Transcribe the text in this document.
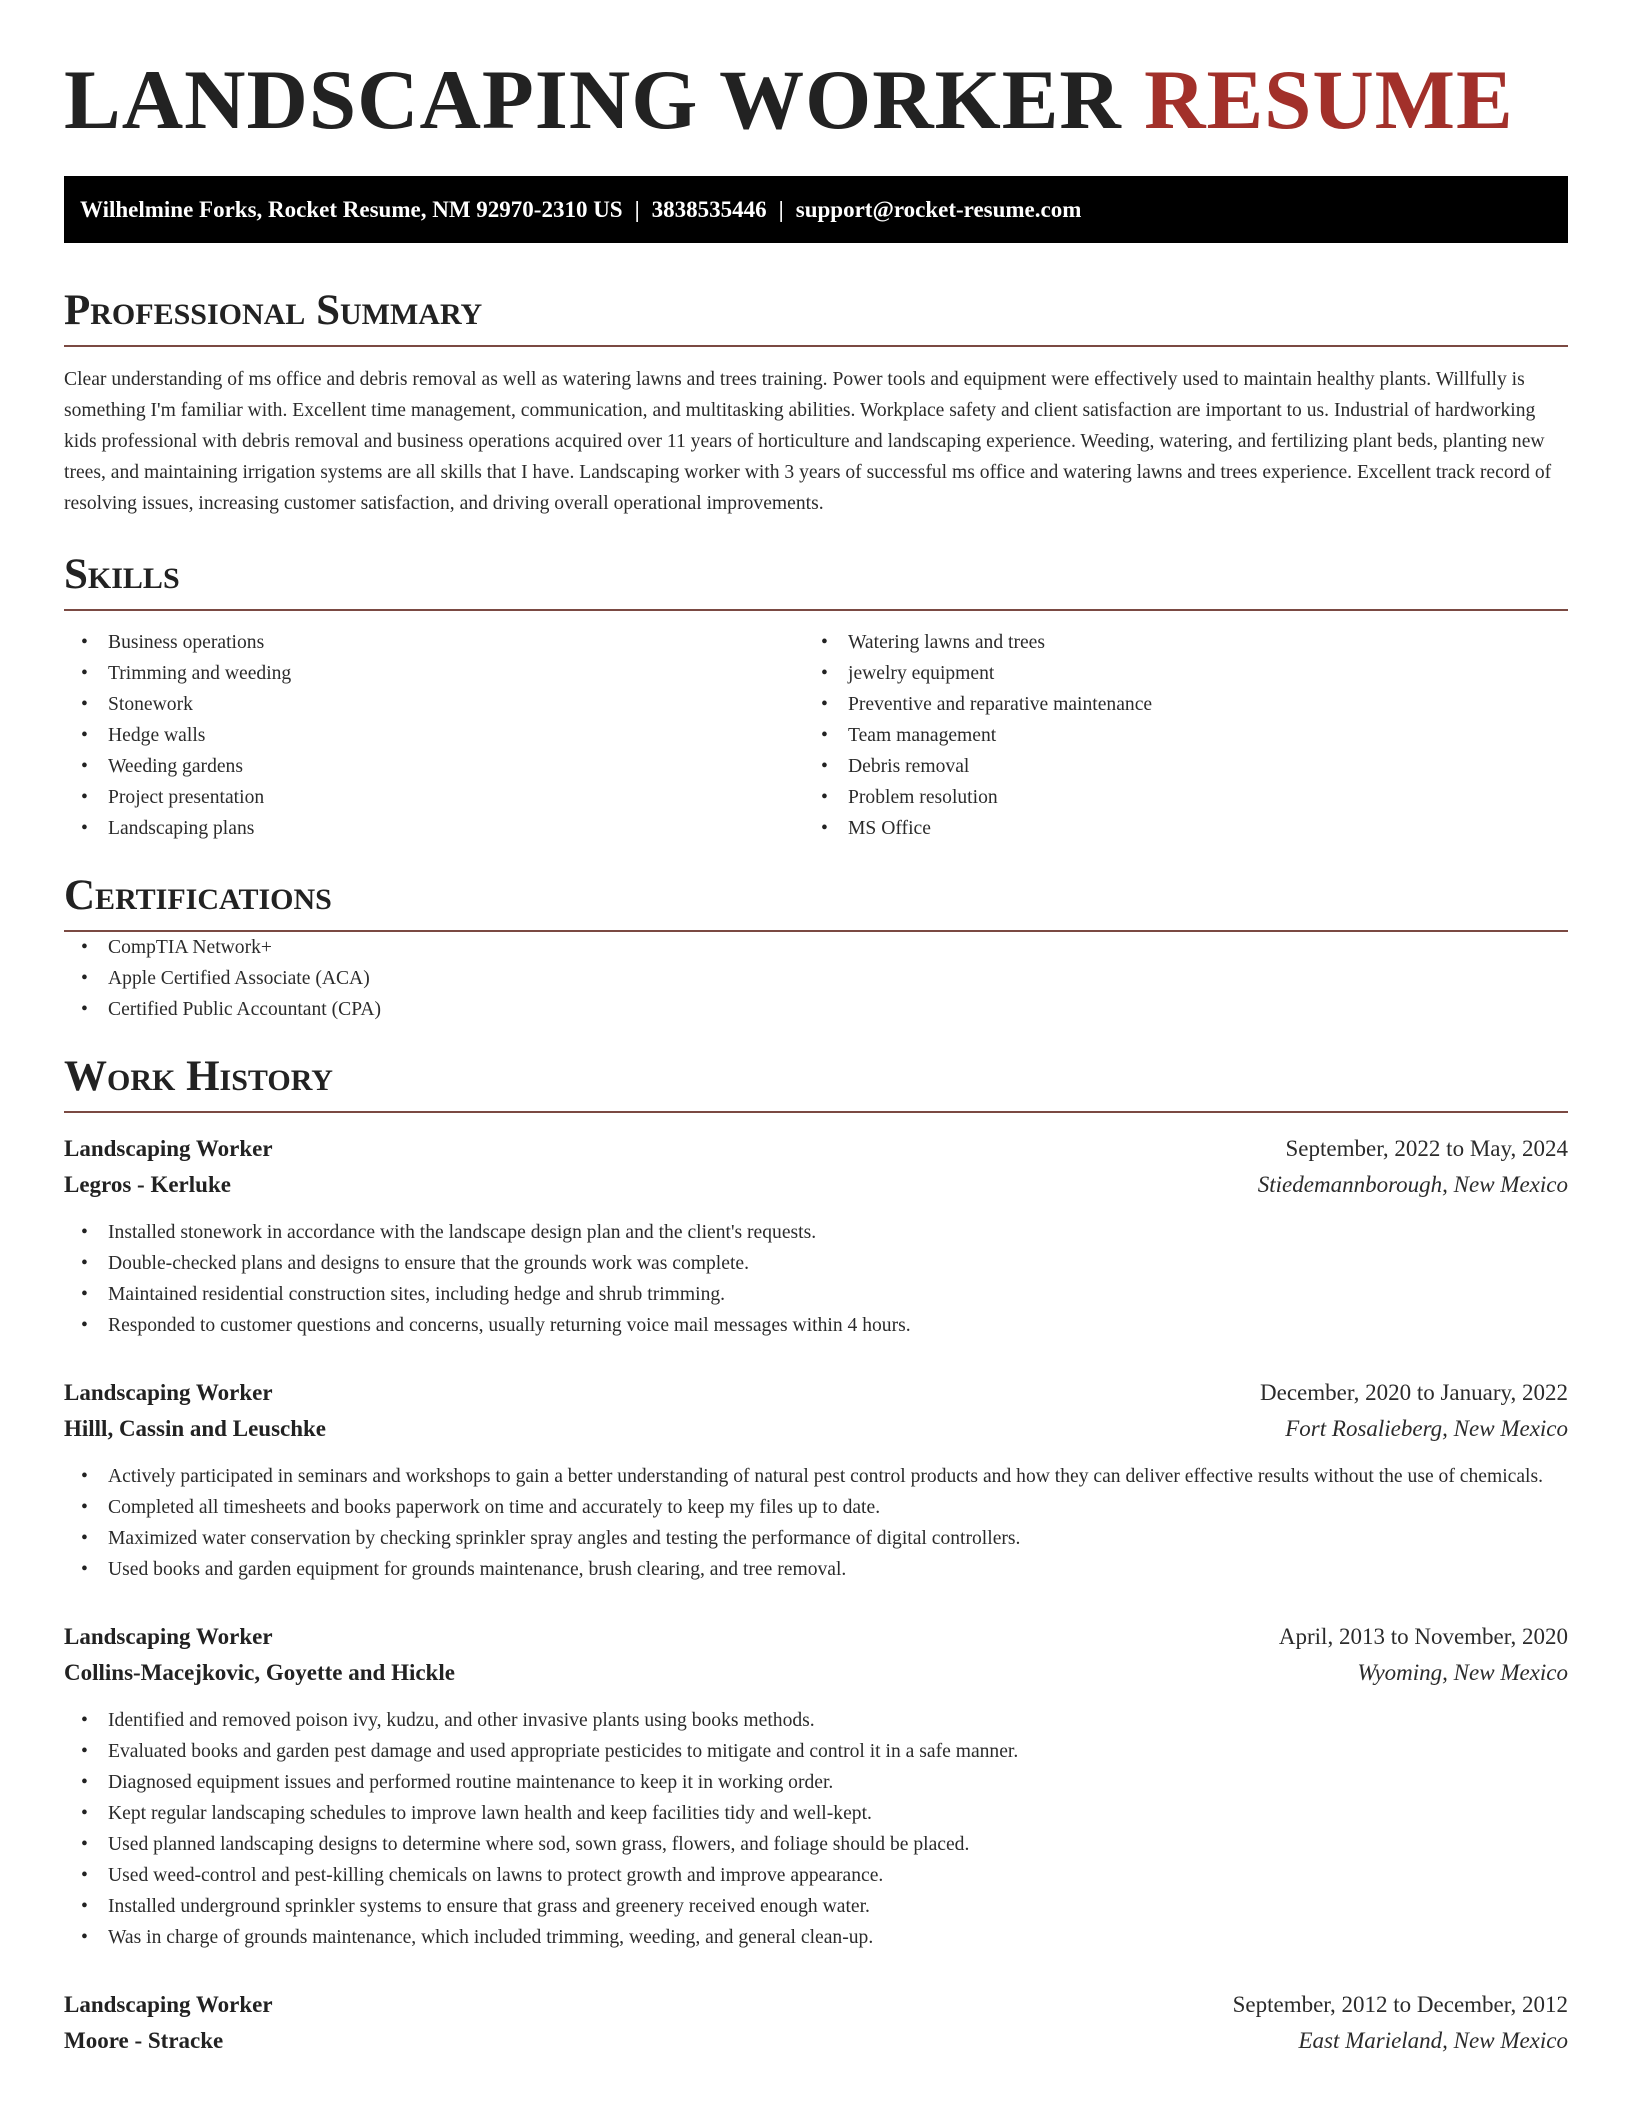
LANDSCAPING WORKER RESUME
Wilhelmine Forks, Rocket Resume, NM 92970-2310 US | 3838535446 | support@rocket-resume.com
Professional Summary

Clear understanding of ms office and debris removal as well as watering lawns and trees training. Power tools and equipment were effectively used to maintain healthy plants. Willfully is something I'm familiar with. Excellent time management, communication, and multitasking abilities. Workplace safety and client satisfaction are important to us. Industrial of hardworking kids professional with debris removal and business operations acquired over 11 years of horticulture and landscaping experience. Weeding, watering, and fertilizing plant beds, planting new trees, and maintaining irrigation systems are all skills that I have. Landscaping worker with 3 years of successful ms office and watering lawns and trees experience. Excellent track record of resolving issues, increasing customer satisfaction, and driving overall operational improvements.

Skills
• Business operations
• Trimming and weeding
• Stonework
• Hedge walls
• Weeding gardens
• Project presentation
• Landscaping plans
• Watering lawns and trees
• jewelry equipment
• Preventive and reparative maintenance
• Team management
• Debris removal
• Problem resolution
• MS Office
Certifications
• CompTIA Network+
• Apple Certified Associate (ACA)
• Certified Public Accountant (CPA)
Work History
Landscaping Worker	September, 2022 to May, 2024
Legros - Kerluke	Stiedemannborough, New Mexico
• Installed stonework in accordance with the landscape design plan and the client's requests.
• Double-checked plans and designs to ensure that the grounds work was complete.
• Maintained residential construction sites, including hedge and shrub trimming.
• Responded to customer questions and concerns, usually returning voice mail messages within 4 hours.
Landscaping Worker	December, 2020 to January, 2022
Hilll, Cassin and Leuschke	Fort Rosalieberg, New Mexico
• Actively participated in seminars and workshops to gain a better understanding of natural pest control products and how they can deliver effective results without the use of chemicals.
• Completed all timesheets and books paperwork on time and accurately to keep my files up to date.
• Maximized water conservation by checking sprinkler spray angles and testing the performance of digital controllers.
• Used books and garden equipment for grounds maintenance, brush clearing, and tree removal.
Landscaping Worker	April, 2013 to November, 2020
Collins-Macejkovic, Goyette and Hickle	Wyoming, New Mexico
• Identified and removed poison ivy, kudzu, and other invasive plants using books methods.
• Evaluated books and garden pest damage and used appropriate pesticides to mitigate and control it in a safe manner.
• Diagnosed equipment issues and performed routine maintenance to keep it in working order.
• Kept regular landscaping schedules to improve lawn health and keep facilities tidy and well-kept.
• Used planned landscaping designs to determine where sod, sown grass, flowers, and foliage should be placed.
• Used weed-control and pest-killing chemicals on lawns to protect growth and improve appearance.
• Installed underground sprinkler systems to ensure that grass and greenery received enough water.
• Was in charge of grounds maintenance, which included trimming, weeding, and general clean-up.
Landscaping Worker	September, 2012 to December, 2012
Moore - Stracke	East Marieland, New Mexico
